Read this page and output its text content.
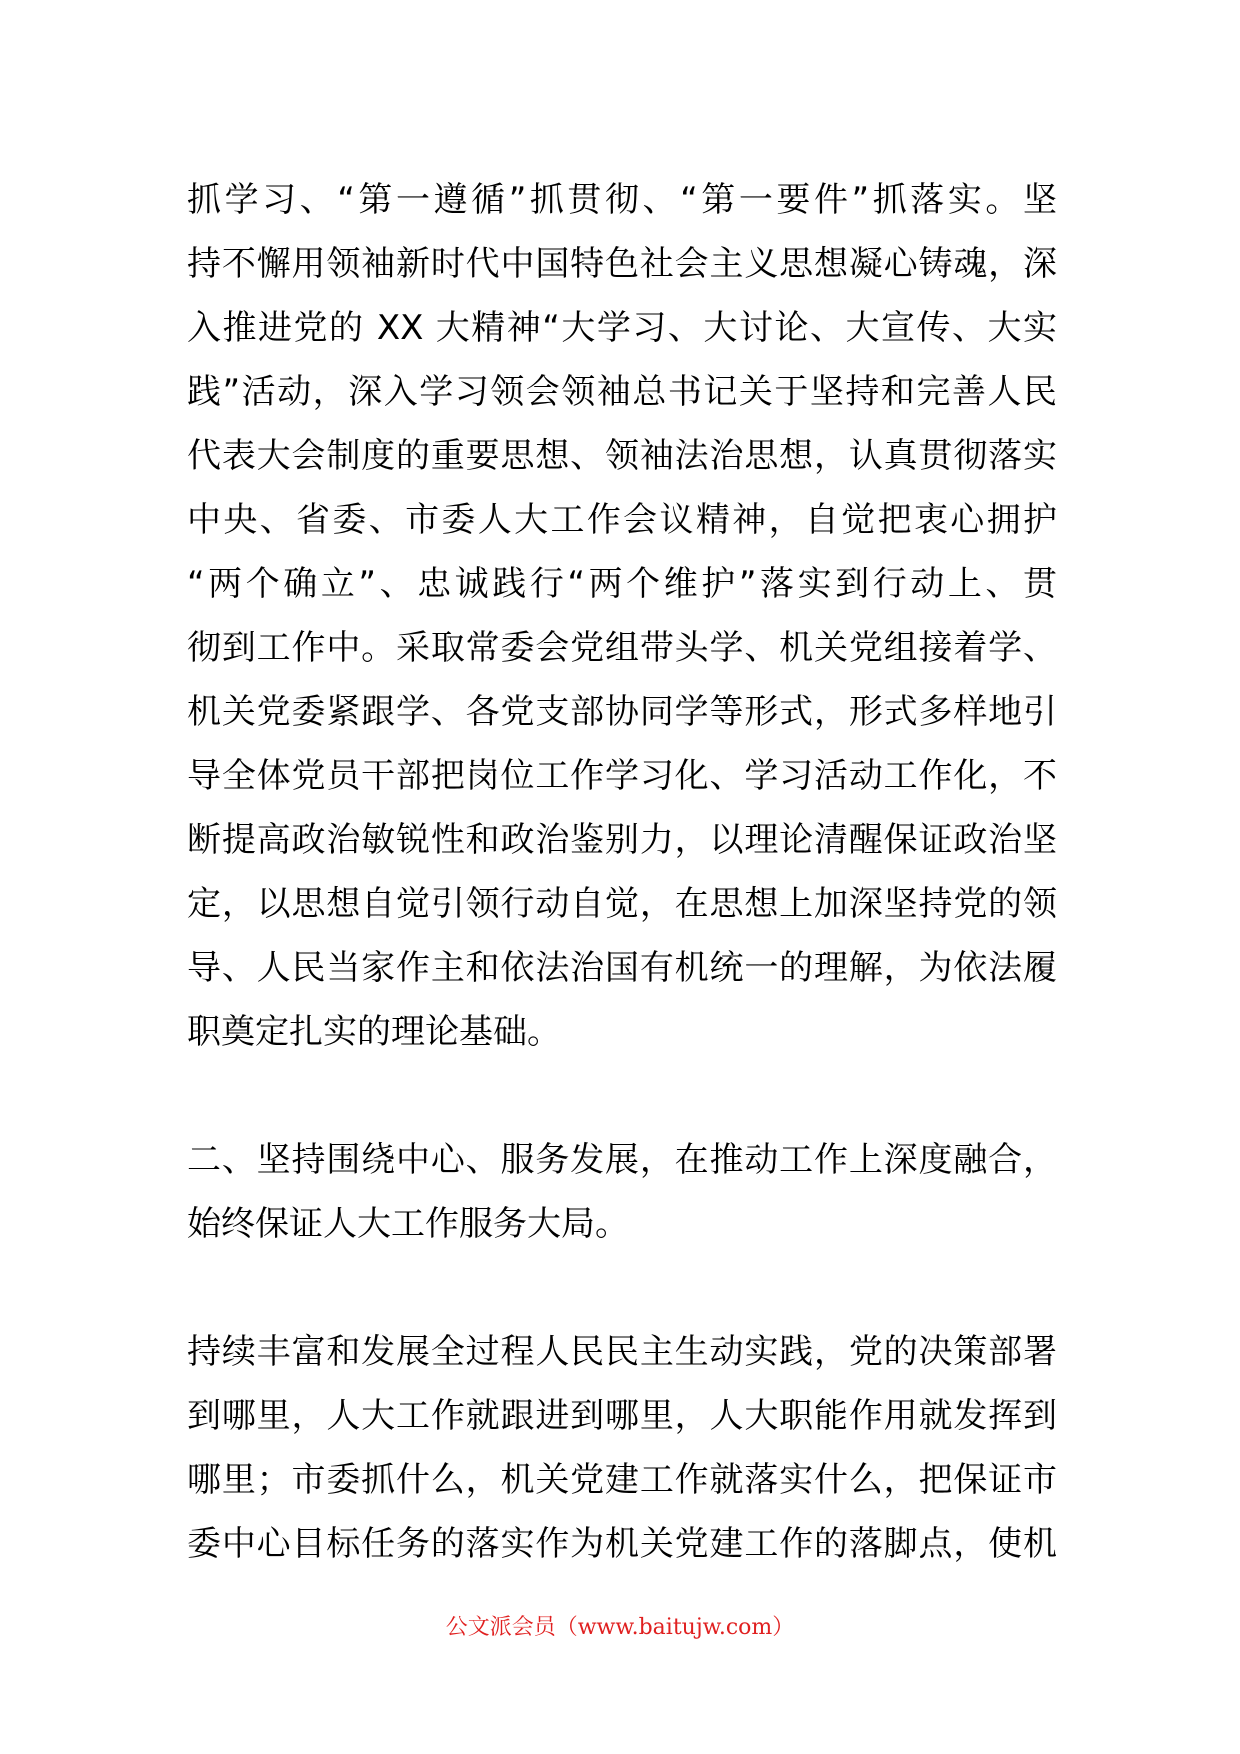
抓学习、“第一遵循”抓贯彻、“第一要件”抓落实。坚
持不懈用领袖新时代中国特色社会主义思想凝心铸魂，深
入推进党的 XX 大精神“大学习、大讨论、大宣传、大实
践”活动，深入学习领会领袖总书记关于坚持和完善人民
代表大会制度的重要思想、领袖法治思想，认真贯彻落实
中央、省委、市委人大工作会议精神，自觉把衷心拥护
“两个确立”、忠诚践行“两个维护”落实到行动上、贯
彻到工作中。采取常委会党组带头学、机关党组接着学、
机关党委紧跟学、各党支部协同学等形式，形式多样地引
导全体党员干部把岗位工作学习化、学习活动工作化，不
断提高政治敏锐性和政治鉴别力，以理论清醒保证政治坚
定，以思想自觉引领行动自觉，在思想上加深坚持党的领
导、人民当家作主和依法治国有机统一的理解，为依法履
职奠定扎实的理论基础。
二、坚持围绕中心、服务发展，在推动工作上深度融合，
始终保证人大工作服务大局。
持续丰富和发展全过程人民民主生动实践，党的决策部署
到哪里，人大工作就跟进到哪里，人大职能作用就发挥到
哪里；市委抓什么，机关党建工作就落实什么，把保证市
委中心目标任务的落实作为机关党建工作的落脚点，使机
公文派会员（www.baitujw.com）
